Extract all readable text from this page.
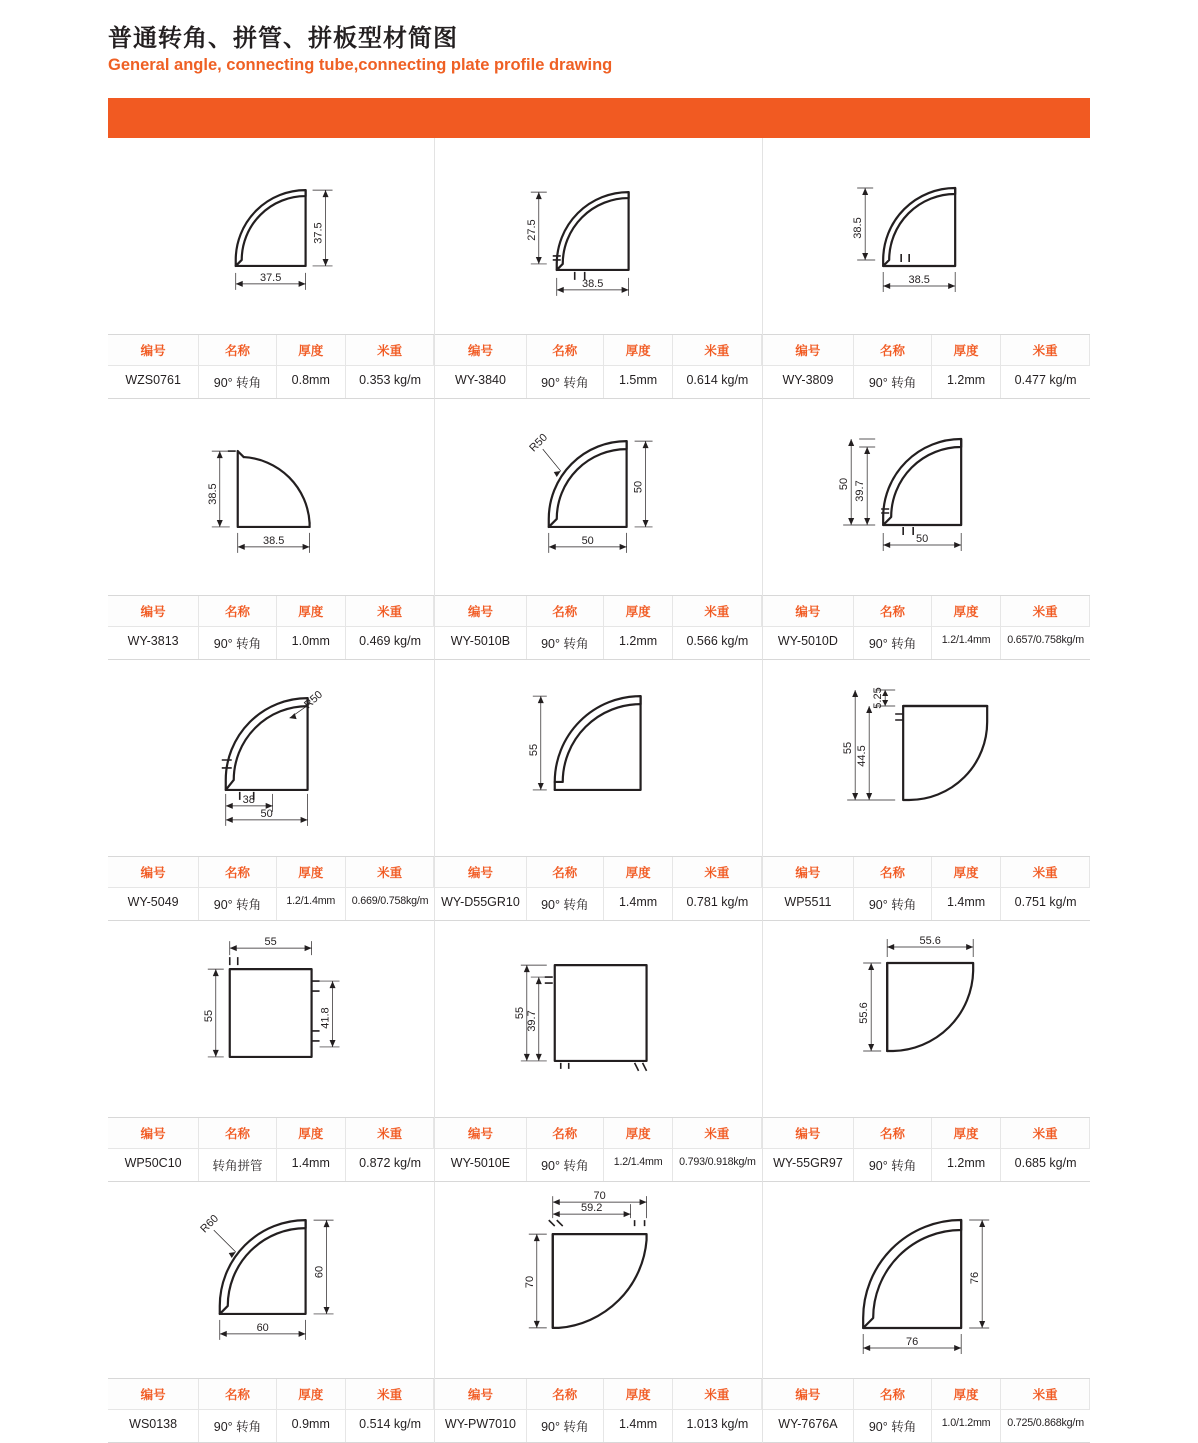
普通转角、拼管、拼板型材简图
General angle, connecting tube,connecting plate profile drawing
37.5
37.5
编号	名称	厚度	米重
WZS0761	90° 转角	0.8mm	0.353 kg/m
27.5
38.5
编号	名称	厚度	米重
WY-3840	90° 转角	1.5mm	0.614 kg/m
38.5
38.5
编号	名称	厚度	米重
WY-3809	90° 转角	1.2mm	0.477 kg/m
38.5
38.5
编号	名称	厚度	米重
WY-3813	90° 转角	1.0mm	0.469 kg/m
R50
50
50
编号	名称	厚度	米重
WY-5010B	90° 转角	1.2mm	0.566 kg/m
39.7
50
50
编号	名称	厚度	米重
WY-5010D	90° 转角	1.2/1.4mm	0.657/0.758kg/m
R50
38
50
编号	名称	厚度	米重
WY-5049	90° 转角	1.2/1.4mm	0.669/0.758kg/m
55
编号	名称	厚度	米重
WY-D55GR10	90° 转角	1.4mm	0.781 kg/m
5.25
44.5
55
编号	名称	厚度	米重
WP5511	90° 转角	1.4mm	0.751 kg/m
55
55	41.8
编号	名称	厚度	米重
WP50C10	转角拼管	1.4mm	0.872 kg/m
39.7
55
编号	名称	厚度	米重
WY-5010E	90° 转角	1.2/1.4mm	0.793/0.918kg/m
55.6
55.6
编号	名称	厚度	米重
WY-55GR97	90° 转角	1.2mm	0.685 kg/m
R60
60
60
编号	名称	厚度	米重
WS0138	90° 转角	0.9mm	0.514 kg/m
70
59.2
70
编号	名称	厚度	米重
WY-PW7010	90° 转角	1.4mm	1.013 kg/m
76
76
编号	名称	厚度	米重
WY-7676A	90° 转角	1.0/1.2mm	0.725/0.868kg/m
